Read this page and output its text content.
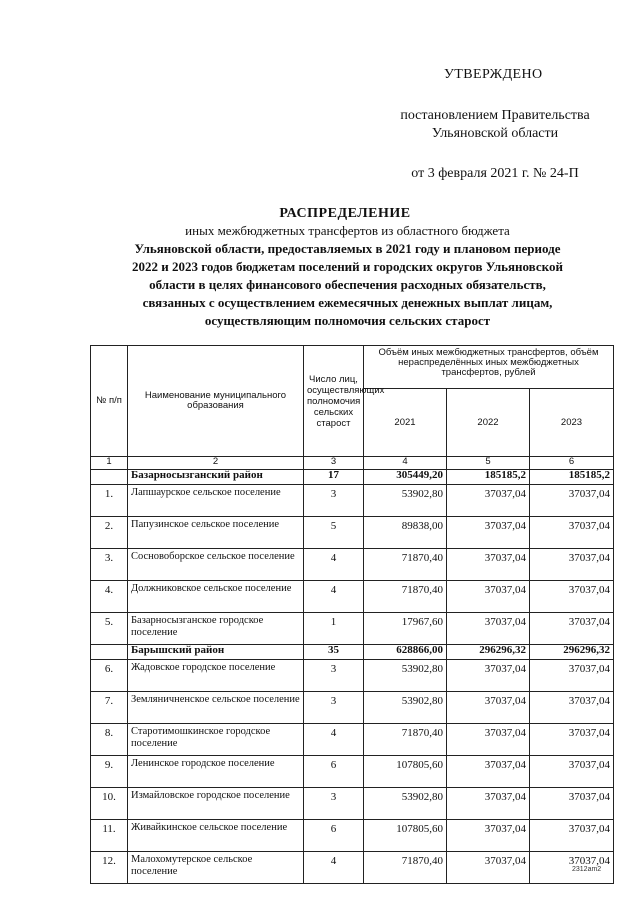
УТВЕРЖДЕНО
постановлением Правительства
Ульяновской области
от 3 февраля 2021 г. № 24-П
РАСПРЕДЕЛЕНИЕ
иных межбюджетных трансфертов из областного бюджета
Ульяновской области, предоставляемых в 2021 году и плановом периоде
2022 и 2023 годов бюджетам поселений и городских округов Ульяновской
области в целях финансового обеспечения расходных обязательств,
связанных с осуществлением ежемесячных денежных выплат лицам,
осуществляющим полномочия сельских старост
№ п/п	Наименование муниципального образования	Число лиц, осуществляющих полномочия сельских старост	Объём иных межбюджетных трансфертов, объём нераспределённых иных межбюджетных трансфертов, рублей		
			2021	2022	2023
1	2	3	4	5	6
	Базарносызганский район	17	305449,20	185185,2	185185,2
1.	Лапшаурское сельское поселение	3	53902,80	37037,04	37037,04
2.	Папузинское сельское поселение	5	89838,00	37037,04	37037,04
3.	Сосновоборское сельское поселение	4	71870,40	37037,04	37037,04
4.	Должниковское сельское поселение	4	71870,40	37037,04	37037,04
5.	Базарносызганское городское поселение	1	17967,60	37037,04	37037,04
	Барышский район	35	628866,00	296296,32	296296,32
6.	Жадовское городское поселение	3	53902,80	37037,04	37037,04
7.	Земляничненское сельское поселение	3	53902,80	37037,04	37037,04
8.	Старотимошкинское городское поселение	4	71870,40	37037,04	37037,04
9.	Ленинское городское поселение	6	107805,60	37037,04	37037,04
10.	Измайловское городское поселение	3	53902,80	37037,04	37037,04
11.	Живайкинское сельское поселение	6	107805,60	37037,04	37037,04
12.	Малохомутерское сельское поселение	4	71870,40	37037,04	37037,04
2312am2
